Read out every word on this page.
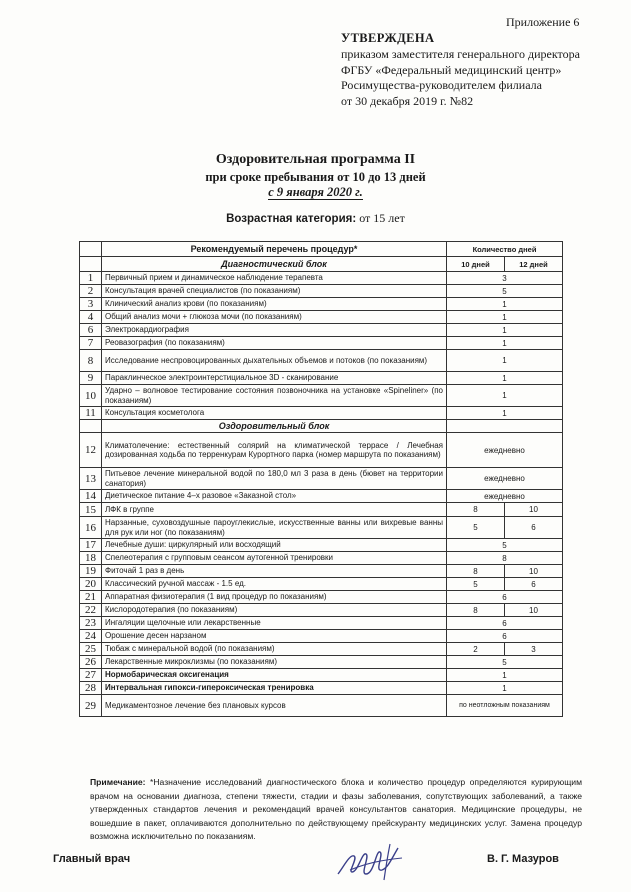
Приложение 6
УТВЕРЖДЕНА
приказом заместителя генерального директора
ФГБУ «Федеральный медицинский центр»
Росимущества-руководителем филиала
от 30 декабря 2019 г. №82
Оздоровительная программа II
при сроке пребывания от 10 до 13 дней
с 9 января 2020 г.
Возрастная категория: от 15 лет
	Рекомендуемый перечень процедур*	Количество дней	
	Диагностический блок	10 дней	12 дней
1	Первичный прием и динамическое наблюдение терапевта	3	
2	Консультация врачей специалистов (по показаниям)	5	
3	Клинический анализ крови (по показаниям)	1	
4	Общий анализ мочи + глюкоза мочи (по показаниям)	1	
6	Электрокардиография	1	
7	Реовазография (по показаниям)	1	
8	Исследование неспровоцированных дыхательных объемов и потоков (по показаниям)	1	
9	Параклинческое электроинтерстициальное 3D - сканирование	1	
10	Ударно – волновое тестирование состояния позвоночника на установке «Spineliner» (по показаниям)	1	
11	Консультация косметолога	1	
	Оздоровительный блок		
12	Климатолечение: естественный солярий на климатической террасе / Лечебная дозированная ходьба по терренкурам Курортного парка (номер маршрута по показаниям)	ежедневно	
13	Питьевое лечение минеральной водой по 180,0 мл 3 раза в день (бювет на территории санатория)	ежедневно	
14	Диетическое питание 4–х разовое «Заказной стол»	ежедневно	
15	ЛФК в группе	8	10
16	Нарзанные, суховоздушные пароуглекислые, искусственные ванны или вихревые ванны для рук или ног (по показаниям)	5	6
17	Лечебные души: циркулярный или восходящий	5	
18	Спелеотерапия с групповым сеансом аутогенной тренировки	8	
19	Фиточай 1 раз в день	8	10
20	Классический ручной массаж - 1.5 ед.	5	6
21	Аппаратная физиотерапия (1 вид процедур по показаниям)	6	
22	Кислородотерапия (по показаниям)	8	10
23	Ингаляции щелочные или лекарственные	6	
24	Орошение десен нарзаном	6	
25	Тюбаж с минеральной водой (по показаниям)	2	3
26	Лекарственные микроклизмы (по показаниям)	5	
27	Нормобарическая оксигенация	1	
28	Интервальная гипокси-гипероксическая тренировка	1	
29	Медикаментозное лечение без плановых курсов	по неотложным показаниям	
Примечание: *Назначение исследований диагностического блока и количество процедур определяются курирующим врачом на основании диагноза, степени тяжести, стадии и фазы заболевания, сопутствующих заболеваний, а также утвержденных стандартов лечения и рекомендаций врачей консультантов санатория. Медицинские процедуры, не вошедшие в пакет, оплачиваются дополнительно по действующему прейскуранту медицинских услуг. Замена процедур возможна исключительно по показаниям.
Главный врач	В. Г. Мазуров
